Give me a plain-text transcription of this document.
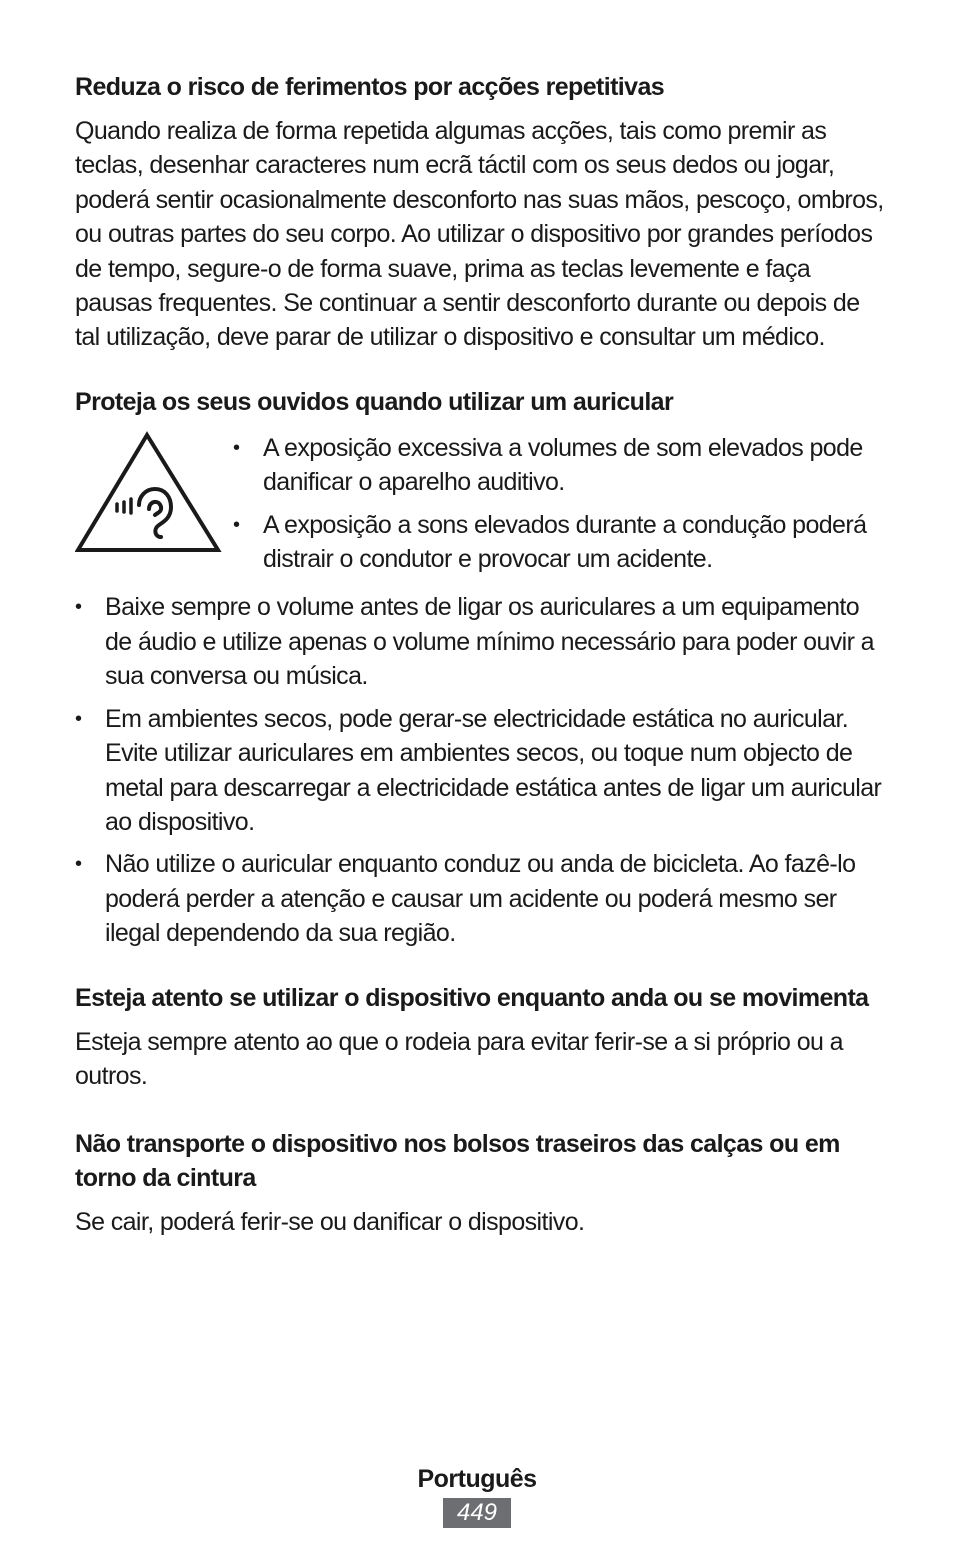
Reduza o risco de ferimentos por acções repetitivas

Quando realiza de forma repetida algumas acções, tais como premir as teclas, desenhar caracteres num ecrã táctil com os seus dedos ou jogar, poderá sentir ocasionalmente desconforto nas suas mãos, pescoço, ombros, ou outras partes do seu corpo. Ao utilizar o dispositivo por grandes períodos de tempo, segure-o de forma suave, prima as teclas levemente e faça pausas frequentes. Se continuar a sentir desconforto durante ou depois de tal utilização, deve parar de utilizar o dispositivo e consultar um médico.

Proteja os seus ouvidos quando utilizar um auricular
• A exposição excessiva a volumes de som elevados pode danificar o aparelho auditivo.
• A exposição a sons elevados durante a condução poderá distrair o condutor e provocar um acidente.
• Baixe sempre o volume antes de ligar os auriculares a um equipamento de áudio e utilize apenas o volume mínimo necessário para poder ouvir a sua conversa ou música.
• Em ambientes secos, pode gerar-se electricidade estática no auricular. Evite utilizar auriculares em ambientes secos, ou toque num objecto de metal para descarregar a electricidade estática antes de ligar um auricular ao dispositivo.
• Não utilize o auricular enquanto conduz ou anda de bicicleta. Ao fazê-lo poderá perder a atenção e causar um acidente ou poderá mesmo ser ilegal dependendo da sua região.
Esteja atento se utilizar o dispositivo enquanto anda ou se movimenta

Esteja sempre atento ao que o rodeia para evitar ferir-se a si próprio ou a outros.

Não transporte o dispositivo nos bolsos traseiros das calças ou em torno da cintura

Se cair, poderá ferir-se ou danificar o dispositivo.

Português
449
